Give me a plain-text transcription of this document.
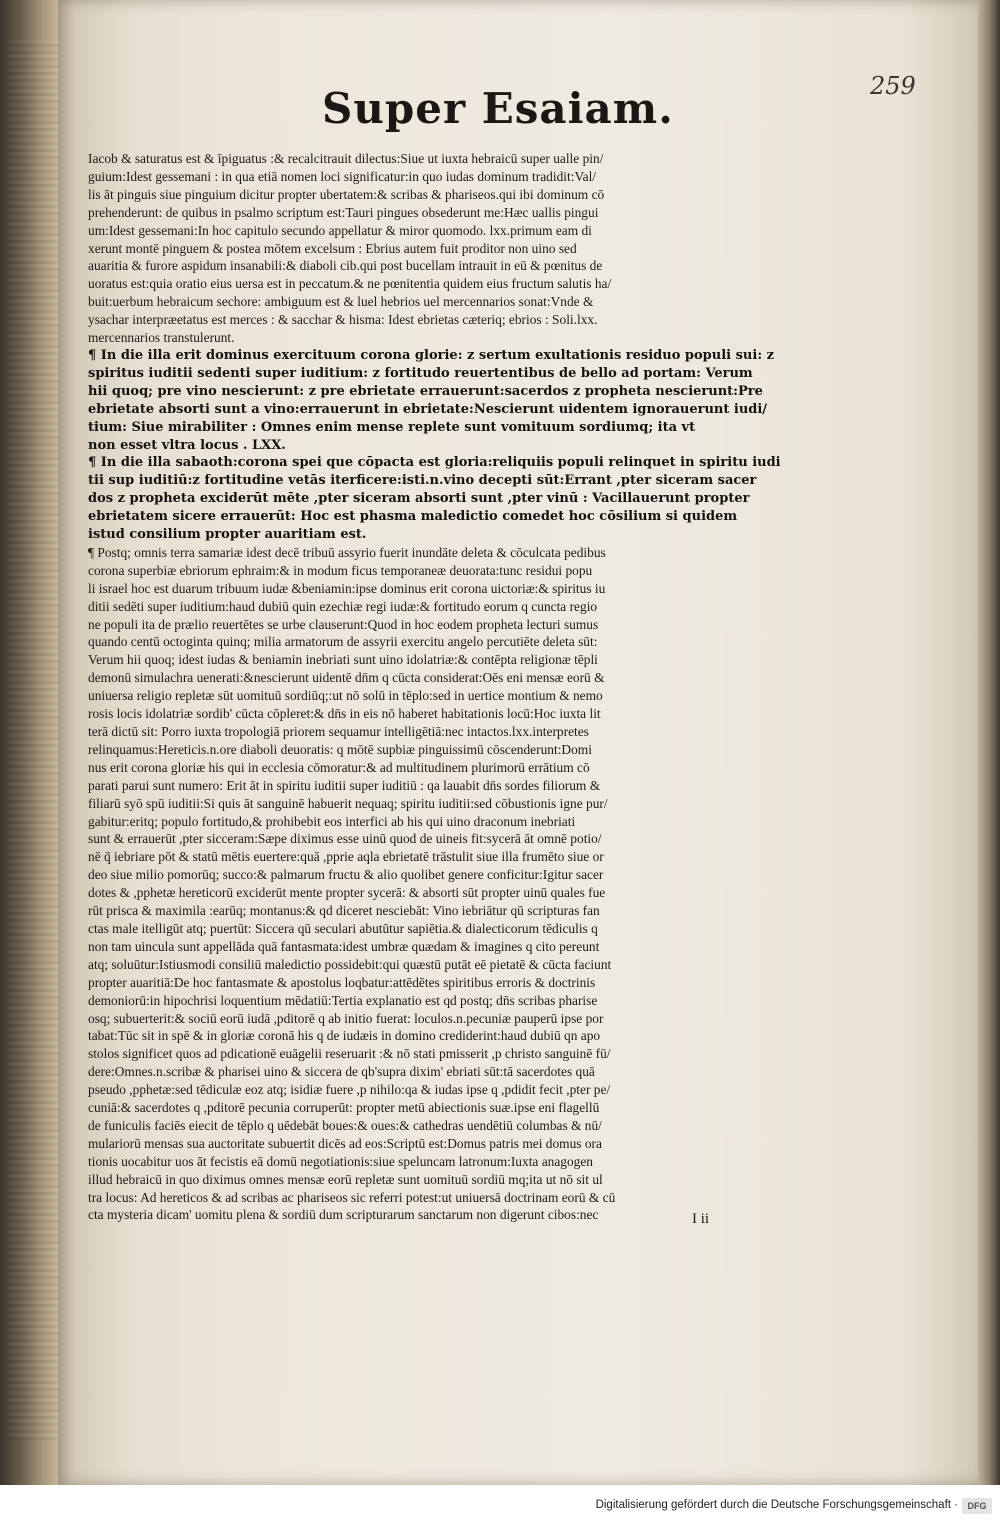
Super Esaiam.	259
Iacob & saturatus est & īpiguatus :& recalcitrauit dilectus:Siue ut iuxta hebraicū super ualle pin/
guium:Idest gessemani : in qua etiā nomen loci significatur:in quo iudas dominum tradidit:Val/
lis āt pinguis siue pinguium dicitur propter ubertatem:& scribas & phariseos.qui ibi dominum cō
prehenderunt: de quibus in psalmo scriptum est:Tauri pingues obsederunt me:Hæc uallis pingui
um:Idest gessemani:In hoc capitulo secundo appellatur & miror quomodo. lxx.primum eam di
xerunt montē pinguem & postea mōtem excelsum : Ebrius autem fuit proditor non uino sed
auaritia & furore aspidum insanabili:& diaboli cib.qui post bucellam intrauit in eū & pœnitus de
uoratus est:quia oratio eius uersa est in peccatum.& ne pœnitentia quidem eius fructum salutis ha/
buit:uerbum hebraicum sechore: ambiguum est & luel hebrios uel mercennarios sonat:Vnde &
ysachar interpræetatus est merces : & sacchar & hisma: Idest ebrietas cæteriq; ebrios : Soli.lxx.
mercennarios transtulerunt.
¶ In die illa erit dominus exercituum corona glorie: z sertum exultationis residuo populi sui: z
spiritus iuditii sedenti super iuditium: z fortitudo reuertentibus de bello ad portam: Verum
hii quoq; pre vino nescierunt: z pre ebrietate errauerunt:sacerdos z propheta nescierunt:Pre
ebrietate absorti sunt a vino:errauerunt in ebrietate:Nescierunt uidentem ignorauerunt iudi/
tium: Siue mirabiliter : Omnes enim mense replete sunt vomituum sordiumq; ita vt
non esset vltra locus . LXX.
¶ In die illa sabaoth:corona spei que cōpacta est gloria:reliquiis populi relinquet in spiritu iudi
tii sup iuditiū:z fortitudine vetās iterficere:isti.n.vino decepti sūt:Errant ,pter siceram sacer
dos z propheta exciderūt mēte ,pter siceram absorti sunt ,pter vinū : Vacillauerunt propter
ebrietatem sicere errauerūt: Hoc est phasma maledictio comedet hoc cōsilium si quidem
istud consilium propter auaritiam est.
¶ Postq; omnis terra samariæ idest decē tribuū assyrio fuerit inundāte deleta & cōculcata pedibus
corona superbiæ ebriorum ephraim:& in modum ficus temporaneæ deuorata:tunc residui popu
li israel hoc est duarum tribuum iudæ &beniamin:ipse dominus erit corona uictoriæ:& spiritus iu
ditii sedēti super iuditium:haud dubiū quin ezechiæ regi iudæ:& fortitudo eorum q cuncta regio
ne populi ita de prælio reuertētes se urbe clauserunt:Quod in hoc eodem propheta lecturi sumus
quando centū octoginta quinq; milia armatorum de assyrii exercitu angelo percutiēte deleta sūt:
Verum hii quoq; idest iudas & beniamin inebriati sunt uino idolatriæ:& contēpta religionæ tēpli
demonū simulachra uenerati:&nescierunt uidentē dn̄m q cūcta considerat:Oēs eni mensæ eorū &
uniuersa religio repletæ sūt uomituū sordiūq;:ut nō solū in tēplo:sed in uertice montium & nemo
rosis locis idolatriæ sordib' cūcta cōpleret:& dn̄s in eis nō haberet habitationis locū:Hoc iuxta lit
terā dictū sit: Porro iuxta tropologiā priorem sequamur intelligētiā:nec intactos.lxx.interpretes
relinquamus:Hereticis.n.ore diaboli deuoratis: q mōtē supbiæ pinguissimū cōscenderunt:Domi
nus erit corona gloriæ his qui in ecclesia cōmoratur:& ad multitudinem plurimorū errātium cō
parati parui sunt numero: Erit āt in spiritu iuditii super iuditiū : qa lauabit dn̄s sordes filiorum &
filiarū syō spū iuditii:Si quis āt sanguinē habuerit nequaq; spiritu iuditii:sed cōbustionis igne pur/
gabitur:eritq; populo fortitudo,& prohibebit eos interfici ab his qui uino draconum inebriati
sunt & errauerūt ,pter sicceram:Sæpe diximus esse uinū quod de uineis fit:sycerā āt omnē potio/
nē q̄ iebriare pōt & statū mētis euertere:quā ,pprie aqla ebrietatē trāstulit siue illa frumēto siue or
deo siue milio pomorūq; succo:& palmarum fructu & alio quolibet genere conficitur:Igitur sacer
dotes & ,pphetæ hereticorū exciderūt mente propter sycerā: & absorti sūt propter uinū quales fue
rūt prisca & maximila :earūq; montanus:& qd diceret nesciebāt: Vino iebriātur qū scripturas fan
ctas male itelligūt atq; puertūt: Siccera qū seculari abutūtur sapiētia.& dialecticorum tēdiculis q
non tam uincula sunt appellāda quā fantasmata:idest umbræ quædam & imagines q cito pereunt
atq; soluūtur:Istiusmodi consiliū maledictio possidebit:qui quæstū putāt eē pietatē & cūcta faciunt
propter auaritiā:De hoc fantasmate & apostolus loqbatur:attēdētes spiritibus erroris & doctrinis
demoniorū:in hipochrisi loquentium mēdatiū:Tertia explanatio est qd postq; dn̄s scribas pharise
osq; subuerterit:& sociū eorū iudā ,pditorē q ab initio fuerat: loculos.n.pecuniæ pauperū ipse por
tabat:Tūc sit in spē & in gloriæ coronā his q de iudæis in domino crediderint:haud dubiū qn apo
stolos significet quos ad pdicationē euāgelii reseruarit :& nō stati pmisserit ,p christo sanguinē fū/
dere:Omnes.n.scribæ & pharisei uino & siccera de qb'supra dixim' ebriati sūt:tā sacerdotes quā
pseudo ,pphetæ:sed tēdiculæ eoz atq; isidiæ fuere ,p nihilo:qa & iudas ipse q ,pdidit fecit ,pter pe/
cuniā:& sacerdotes q ,pditorē pecunia corruperūt: propter metū abiectionis suæ.ipse eni flagellū
de funiculis faciēs eiecit de tēplo q uēdebāt boues:& oues:& cathedras uendētiū columbas & nū/
mulariorū mensas sua auctoritate subuertit dicēs ad eos:Scriptū est:Domus patris mei domus ora
tionis uocabitur uos āt fecistis eā domū negotiationis:siue speluncam latronum:Iuxta anagogen
illud hebraicū in quo diximus omnes mensæ eorū repletæ sunt uomituū sordiū mq;ita ut nō sit ul
tra locus: Ad hereticos & ad scribas ac phariseos sic referri potest:ut uniuersā doctrinam eorū & cū
cta mysteria dicam' uomitu plena & sordiū dum scripturarum sanctarum non digerunt cibos:nec	I ii
Digitalisierung gefördert durch die Deutsche Forschungsgemeinschaft ·	DFG
